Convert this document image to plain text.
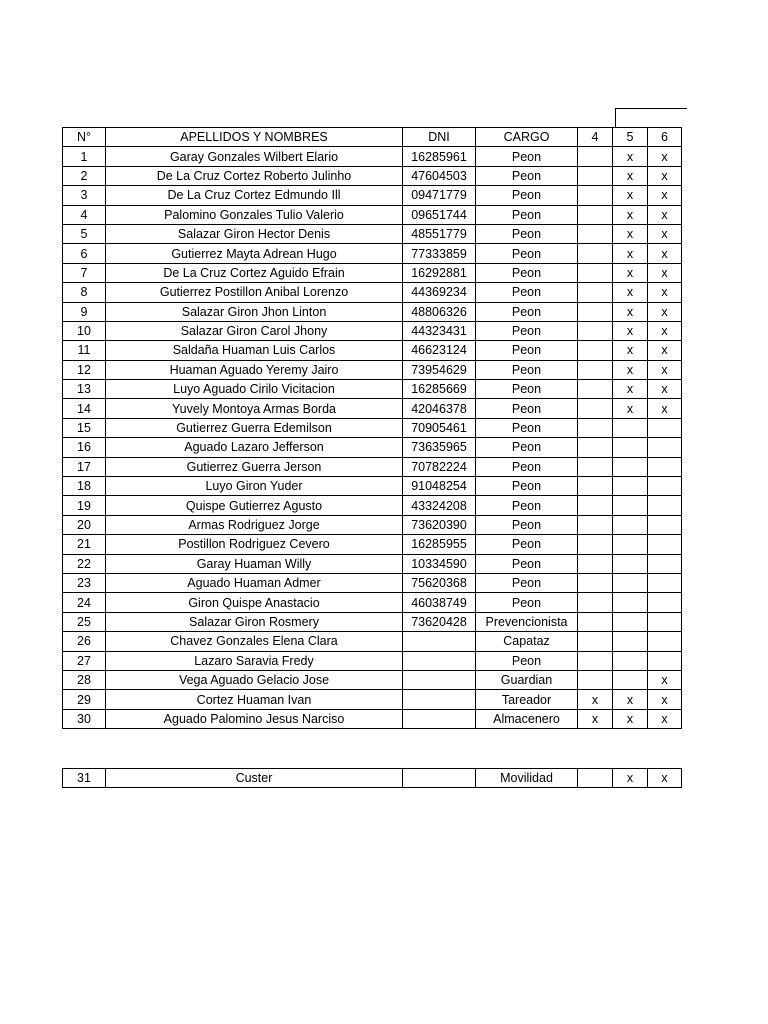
N°	APELLIDOS Y NOMBRES	DNI	CARGO	4	5	6
1	Garay Gonzales Wilbert Elario	16285961	Peon		x	x
2	De La Cruz Cortez Roberto Julinho	47604503	Peon		x	x
3	De La Cruz Cortez Edmundo Ill	09471779	Peon		x	x
4	Palomino Gonzales Tulio Valerio	09651744	Peon		x	x
5	Salazar Giron Hector Denis	48551779	Peon		x	x
6	Gutierrez Mayta Adrean Hugo	77333859	Peon		x	x
7	De La Cruz Cortez Aguido Efrain	16292881	Peon		x	x
8	Gutierrez Postillon Anibal Lorenzo	44369234	Peon		x	x
9	Salazar Giron Jhon Linton	48806326	Peon		x	x
10	Salazar Giron Carol Jhony	44323431	Peon		x	x
11	Saldaña Huaman Luis Carlos	46623124	Peon		x	x
12	Huaman Aguado Yeremy Jairo	73954629	Peon		x	x
13	Luyo Aguado Cirilo Vicitacion	16285669	Peon		x	x
14	Yuvely Montoya Armas Borda	42046378	Peon		x	x
15	Gutierrez Guerra Edemilson	70905461	Peon			
16	Aguado Lazaro Jefferson	73635965	Peon			
17	Gutierrez Guerra Jerson	70782224	Peon			
18	Luyo Giron Yuder	91048254	Peon			
19	Quispe Gutierrez Agusto	43324208	Peon			
20	Armas Rodriguez Jorge	73620390	Peon			
21	Postillon Rodriguez Cevero	16285955	Peon			
22	Garay Huaman Willy	10334590	Peon			
23	Aguado Huaman Admer	75620368	Peon			
24	Giron Quispe Anastacio	46038749	Peon			
25	Salazar Giron Rosmery	73620428	Prevencionista			
26	Chavez Gonzales Elena Clara		Capataz			
27	Lazaro Saravia Fredy		Peon			
28	Vega Aguado Gelacio Jose		Guardian			x
29	Cortez Huaman Ivan		Tareador	x	x	x
30	Aguado Palomino Jesus Narciso		Almacenero	x	x	x
31	Custer		Movilidad		x	x
